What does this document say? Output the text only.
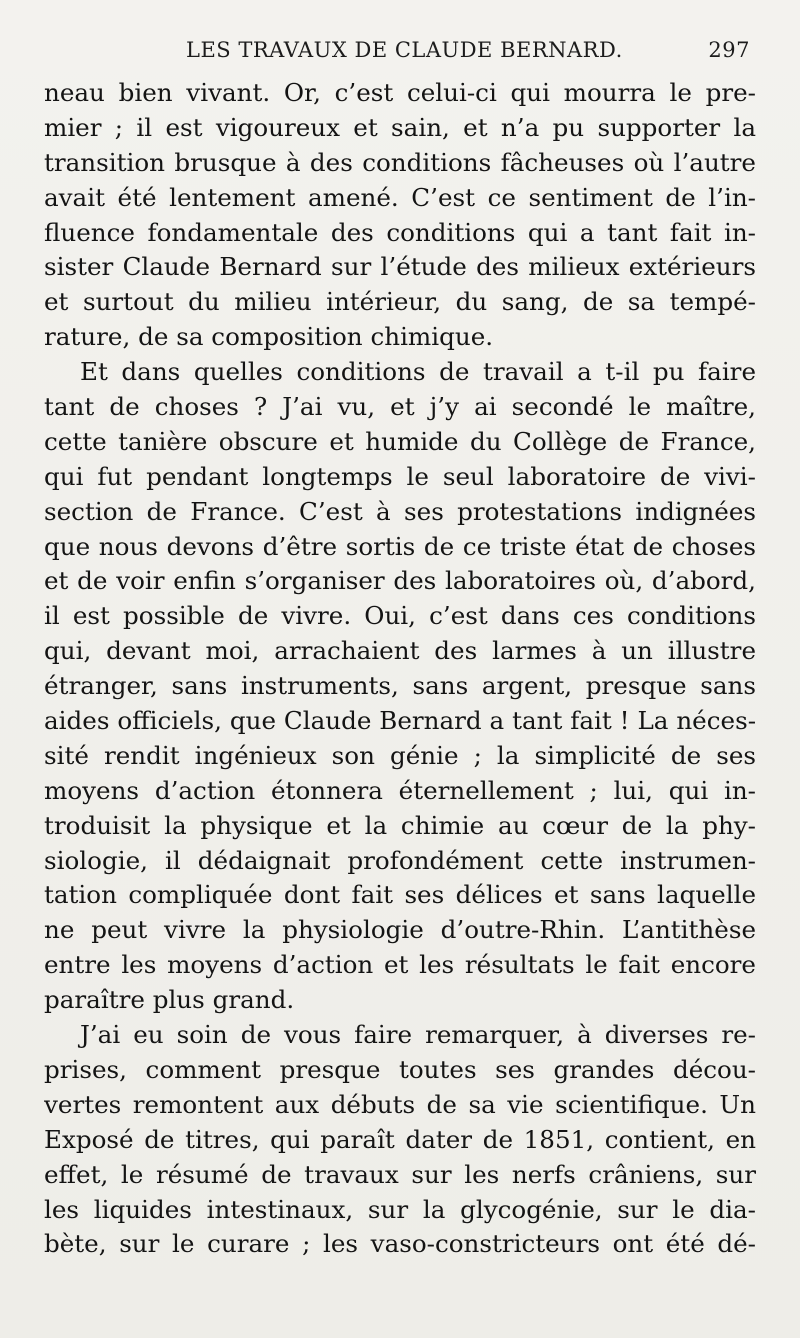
LES TRAVAUX DE CLAUDE BERNARD.	297
neau bien vivant. Or, c’est celui-ci qui mourra le pre-
mier ; il est vigoureux et sain, et n’a pu supporter la
transition brusque à des conditions fâcheuses où l’autre
avait été lentement amené. C’est ce sentiment de l’in-
fluence fondamentale des conditions qui a tant fait in-
sister Claude Bernard sur l’étude des milieux extérieurs
et surtout du milieu intérieur, du sang, de sa tempé-
rature, de sa composition chimique.
Et dans quelles conditions de travail a t-il pu faire
tant de choses ? J’ai vu, et j’y ai secondé le maître,
cette tanière obscure et humide du Collège de France,
qui fut pendant longtemps le seul laboratoire de vivi-
section de France. C’est à ses protestations indignées
que nous devons d’être sortis de ce triste état de choses
et de voir enfin s’organiser des laboratoires où, d’abord,
il est possible de vivre. Oui, c’est dans ces conditions
qui, devant moi, arrachaient des larmes à un illustre
étranger, sans instruments, sans argent, presque sans
aides officiels, que Claude Bernard a tant fait ! La néces-
sité rendit ingénieux son génie ; la simplicité de ses
moyens d’action étonnera éternellement ; lui, qui in-
troduisit la physique et la chimie au cœur de la phy-
siologie, il dédaignait profondément cette instrumen-
tation compliquée dont fait ses délices et sans laquelle
ne peut vivre la physiologie d’outre-Rhin. L’antithèse
entre les moyens d’action et les résultats le fait encore
paraître plus grand.
J’ai eu soin de vous faire remarquer, à diverses re-
prises, comment presque toutes ses grandes décou-
vertes remontent aux débuts de sa vie scientifique. Un
Exposé de titres, qui paraît dater de 1851, contient, en
effet, le résumé de travaux sur les nerfs crâniens, sur
les liquides intestinaux, sur la glycogénie, sur le dia-
bète, sur le curare ; les vaso-constricteurs ont été dé-
